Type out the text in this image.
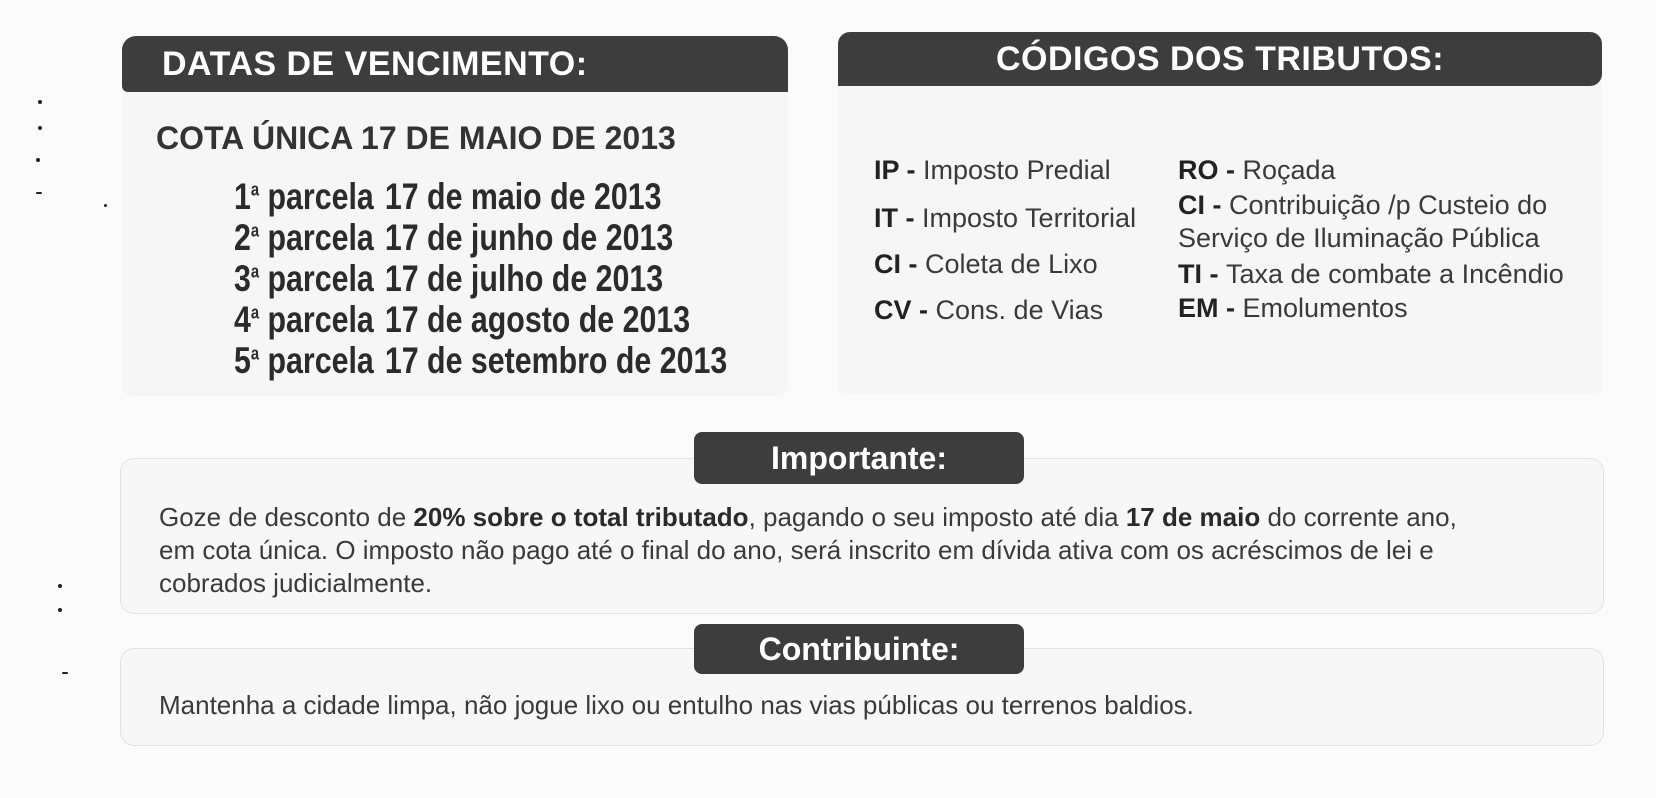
DATAS DE VENCIMENTO:
COTA ÚNICA 17 DE MAIO DE 2013
1$^a$ parcela 17 de maio de 2013
2$^a$ parcela 17 de junho de 2013
3$^a$ parcela 17 de julho de 2013
4$^a$ parcela 17 de agosto de 2013
5$^a$ parcela 17 de setembro de 2013
CÓDIGOS DOS TRIBUTOS:
IP - Imposto Predial
IT - Imposto Territorial
CI - Coleta de Lixo
CV - Cons. de Vias
RO - Roçada
CI - Contribuição /p Custeio do
Serviço de Iluminação Pública
TI - Taxa de combate a Incêndio
EM - Emolumentos
Goze de desconto de 20% sobre o total tributado, pagando o seu imposto até dia 17 de maio do corrente ano,
em cota única. O imposto não pago até o final do ano, será inscrito em dívida ativa com os acréscimos de lei e
cobrados judicialmente.
Importante:
Mantenha a cidade limpa, não jogue lixo ou entulho nas vias públicas ou terrenos baldios.
Contribuinte:
